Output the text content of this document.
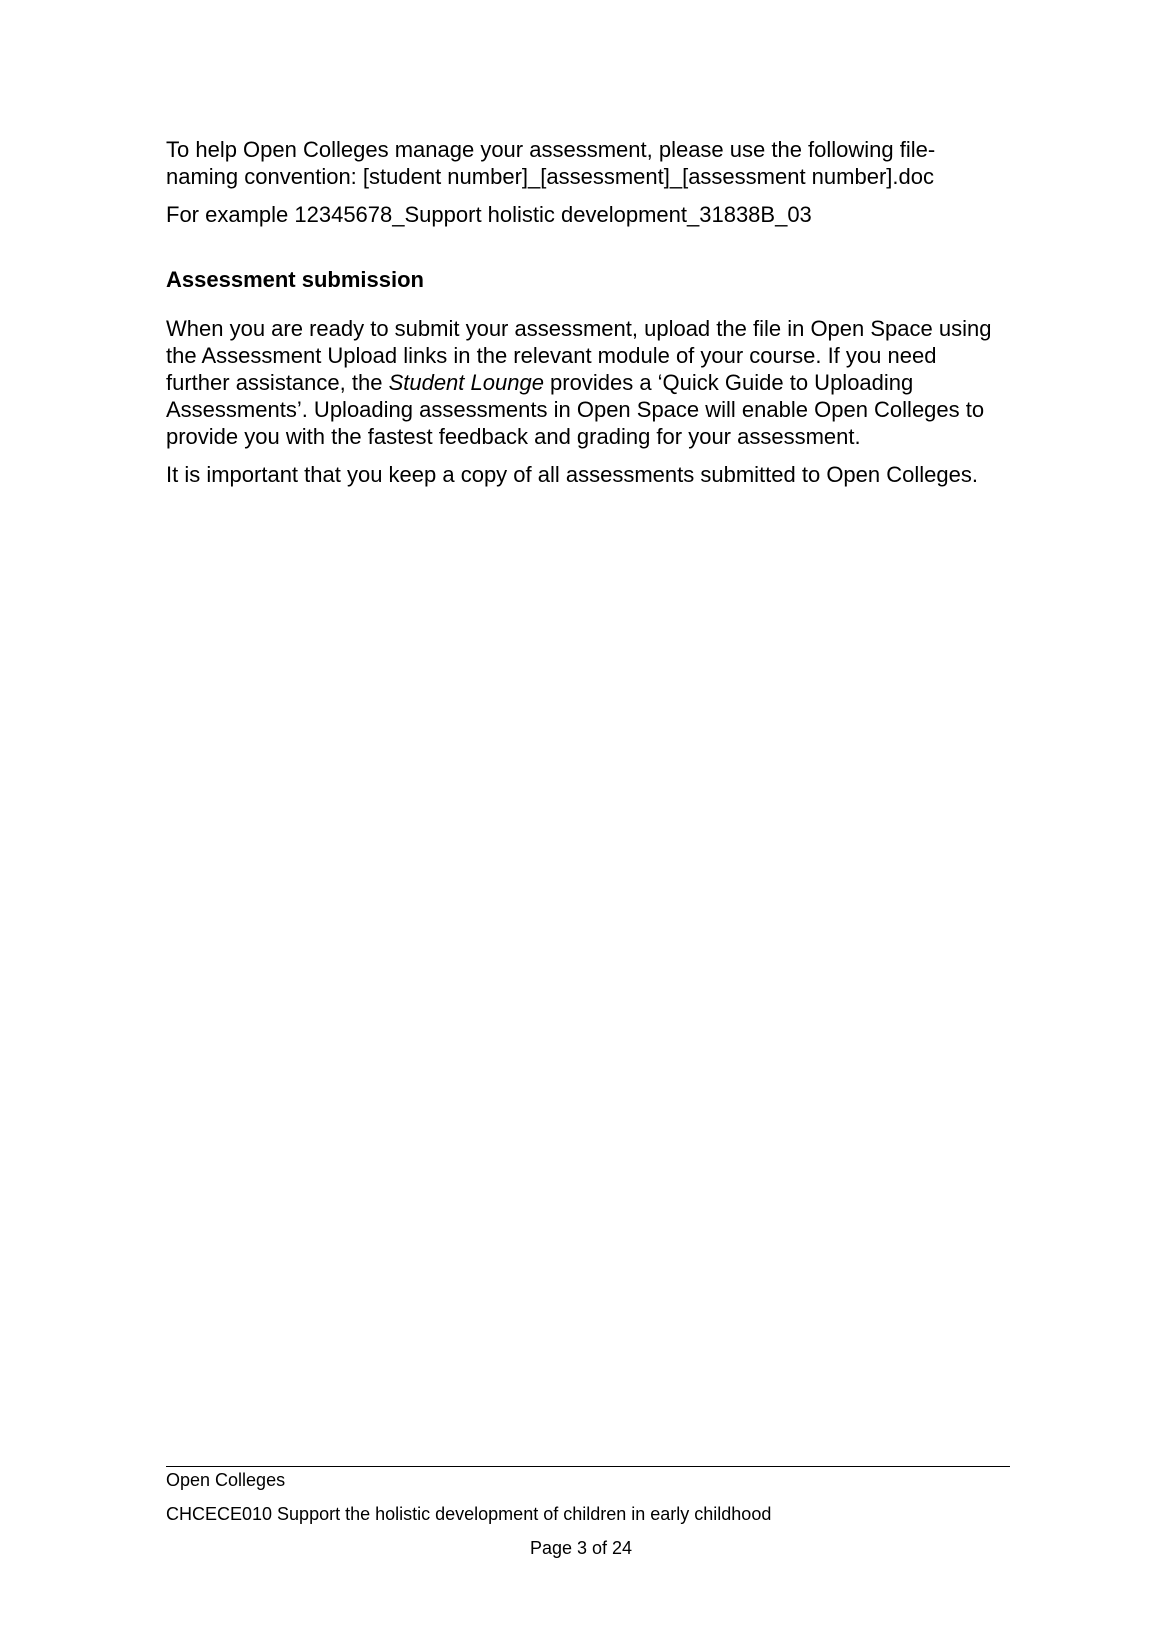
To help Open Colleges manage your assessment, please use the following file-naming convention: [student number]_[assessment]_[assessment number].doc

For example 12345678_Support holistic development_31838B_03

Assessment submission

When you are ready to submit your assessment, upload the file in Open Space using the Assessment Upload links in the relevant module of your course. If you need further assistance, the Student Lounge provides a ‘Quick Guide to Uploading Assessments’. Uploading assessments in Open Space will enable Open Colleges to provide you with the fastest feedback and grading for your assessment.

It is important that you keep a copy of all assessments submitted to Open Colleges.

Open Colleges
CHCECE010 Support the holistic development of children in early childhood
Page 3 of 24
